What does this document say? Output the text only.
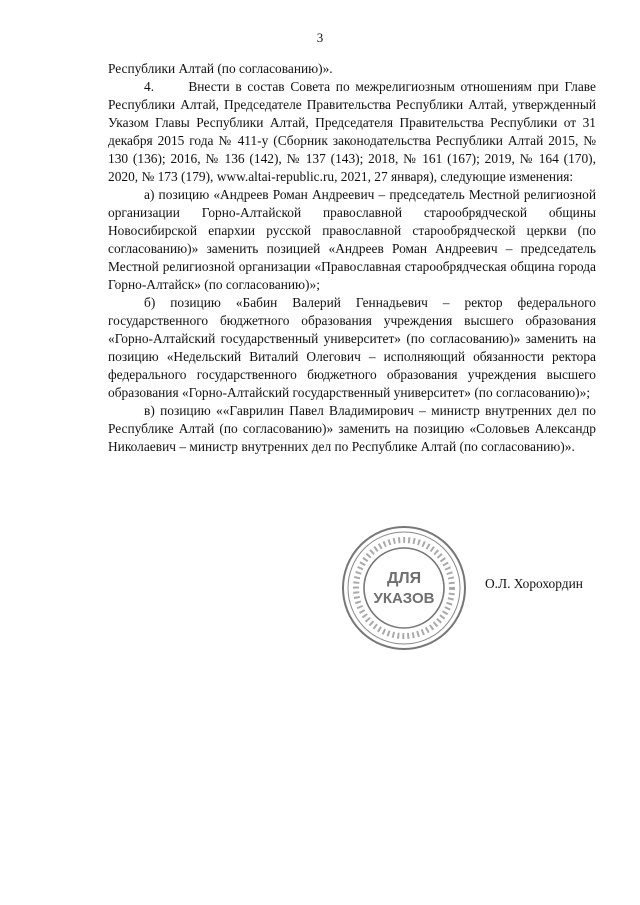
3

Республики Алтай (по согласованию)».

4.      Внести в состав Совета по межрелигиозным отношениям при Главе Республики Алтай, Председателе Правительства Республики Алтай, утвержденный Указом Главы Республики Алтай, Председателя Правительства Республики от 31 декабря 2015 года № 411-у (Сборник законодательства Республики Алтай 2015, № 130 (136); 2016, № 136 (142), № 137 (143); 2018, № 161 (167); 2019, № 164 (170), 2020, № 173 (179), www.altai-republic.ru, 2021, 27 января), следующие изменения:

а) позицию «Андреев Роман Андреевич – председатель Местной религиозной организации Горно-Алтайской православной старообрядческой общины Новосибирской епархии русской православной старообрядческой церкви (по согласованию)» заменить позицией «Андреев Роман Андреевич – председатель Местной религиозной организации «Православная старообрядческая община города Горно-Алтайск» (по согласованию)»;

б) позицию «Бабин Валерий Геннадьевич – ректор федерального государственного бюджетного образования учреждения высшего образования «Горно-Алтайский государственный университет» (по согласованию)» заменить на позицию «Недельский Виталий Олегович – исполняющий обязанности ректора федерального государственного бюджетного образования учреждения высшего образования «Горно-Алтайский государственный университет» (по согласованию)»;

в) позицию ««Гаврилин Павел Владимирович – министр внутренних дел по Республике Алтай (по согласованию)» заменить на позицию «Соловьев Александр Николаевич – министр внутренних дел по Республике Алтай (по согласованию)».

ДЛЯ
УКАЗОВ
О.Л. Хорохордин
